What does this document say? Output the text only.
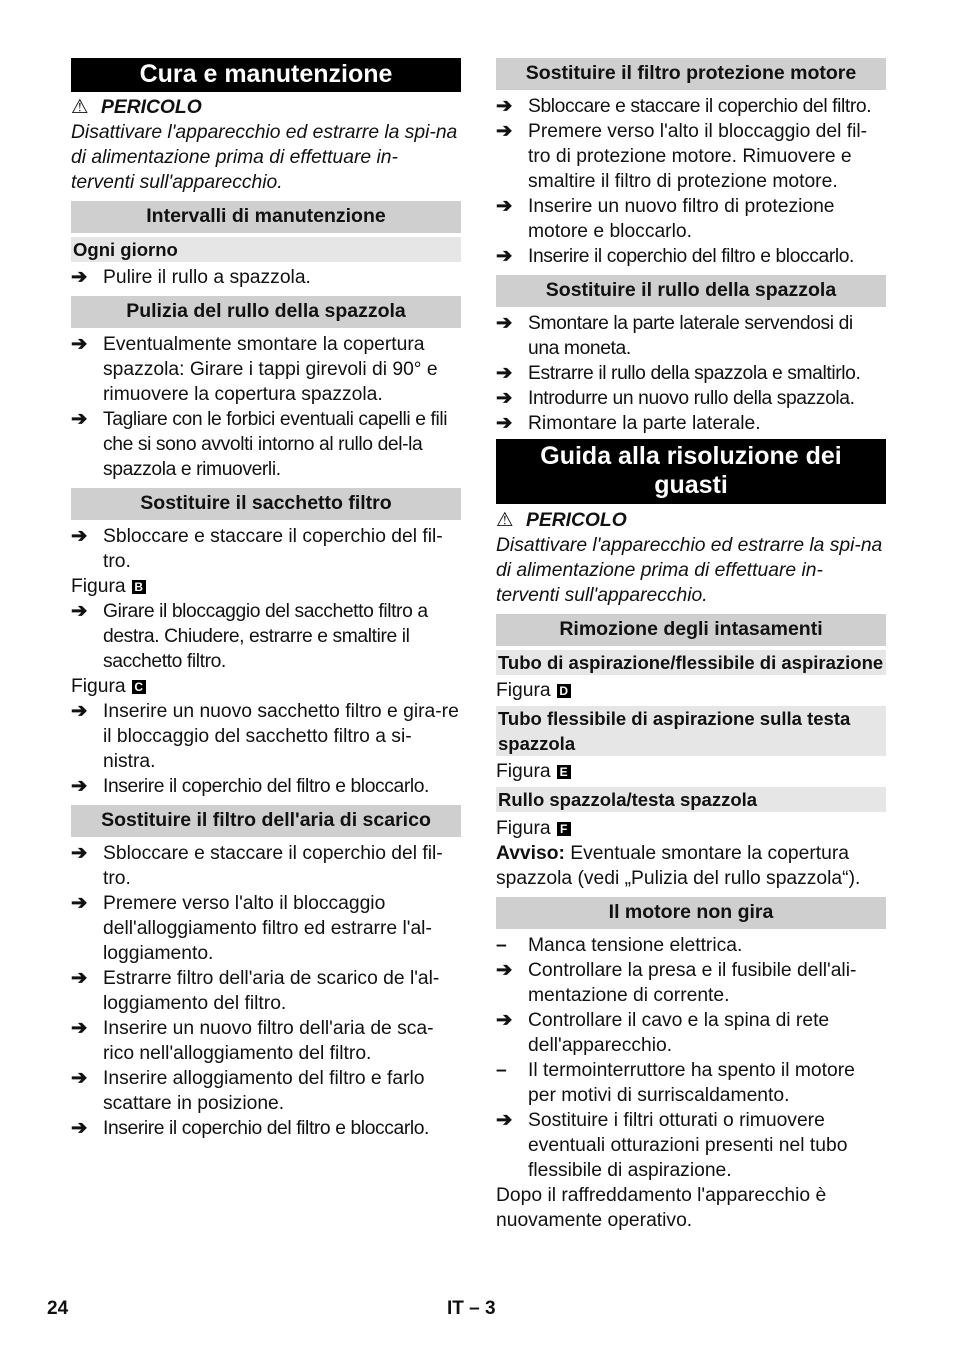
Cura e manutenzione
⚠ PERICOLO
Disattivare l'apparecchio ed estrarre la spi-na di alimentazione prima di effettuare in-terventi sull'apparecchio.
Intervalli di manutenzione
Ogni giorno
➔ Pulire il rullo a spazzola.
Pulizia del rullo della spazzola
➔ Eventualmente smontare la copertura spazzola: Girare i tappi girevoli di 90° e rimuovere la copertura spazzola.
➔ Tagliare con le forbici eventuali capelli e fili che si sono avvolti intorno al rullo del-la spazzola e rimuoverli.
Sostituire il sacchetto filtro
➔ Sbloccare e staccare il coperchio del fil-tro.
Figura B
➔ Girare il bloccaggio del sacchetto filtro a destra. Chiudere, estrarre e smaltire il sacchetto filtro.
Figura C
➔ Inserire un nuovo sacchetto filtro e gira-re il bloccaggio del sacchetto filtro a si-nistra.
➔ Inserire il coperchio del filtro e bloccarlo.
Sostituire il filtro dell'aria di scarico
➔ Sbloccare e staccare il coperchio del fil-tro.
➔ Premere verso l'alto il bloccaggio dell'alloggiamento filtro ed estrarre l'al-loggiamento.
➔ Estrarre filtro dell'aria de scarico de l'al-loggiamento del filtro.
➔ Inserire un nuovo filtro dell'aria de sca-rico nell'alloggiamento del filtro.
➔ Inserire alloggiamento del filtro e farlo scattare in posizione.
➔ Inserire il coperchio del filtro e bloccarlo.
Sostituire il filtro protezione motore
➔ Sbloccare e staccare il coperchio del filtro.
➔ Premere verso l'alto il bloccaggio del fil-tro di protezione motore. Rimuovere e smaltire il filtro di protezione motore.
➔ Inserire un nuovo filtro di protezione motore e bloccarlo.
➔ Inserire il coperchio del filtro e bloccarlo.
Sostituire il rullo della spazzola
➔ Smontare la parte laterale servendosi di una moneta.
➔ Estrarre il rullo della spazzola e smaltirlo.
➔ Introdurre un nuovo rullo della spazzola.
➔ Rimontare la parte laterale.
Guida alla risoluzione dei guasti
⚠ PERICOLO
Disattivare l'apparecchio ed estrarre la spi-na di alimentazione prima di effettuare in-terventi sull'apparecchio.
Rimozione degli intasamenti
Tubo di aspirazione/flessibile di aspirazione
Figura D
Tubo flessibile di aspirazione sulla testa spazzola
Figura E
Rullo spazzola/testa spazzola
Figura F
Avviso: Eventuale smontare la copertura spazzola (vedi „Pulizia del rullo spazzola“).
Il motore non gira
–	Manca tensione elettrica.
➔ Controllare la presa e il fusibile dell'ali-mentazione di corrente.
➔ Controllare il cavo e la spina di rete dell'apparecchio.
–	Il termointerruttore ha spento il motore per motivi di surriscaldamento.
➔ Sostituire i filtri otturati o rimuovere eventuali otturazioni presenti nel tubo flessibile di aspirazione.
Dopo il raffreddamento l'apparecchio è nuovamente operativo.
24	IT – 3
